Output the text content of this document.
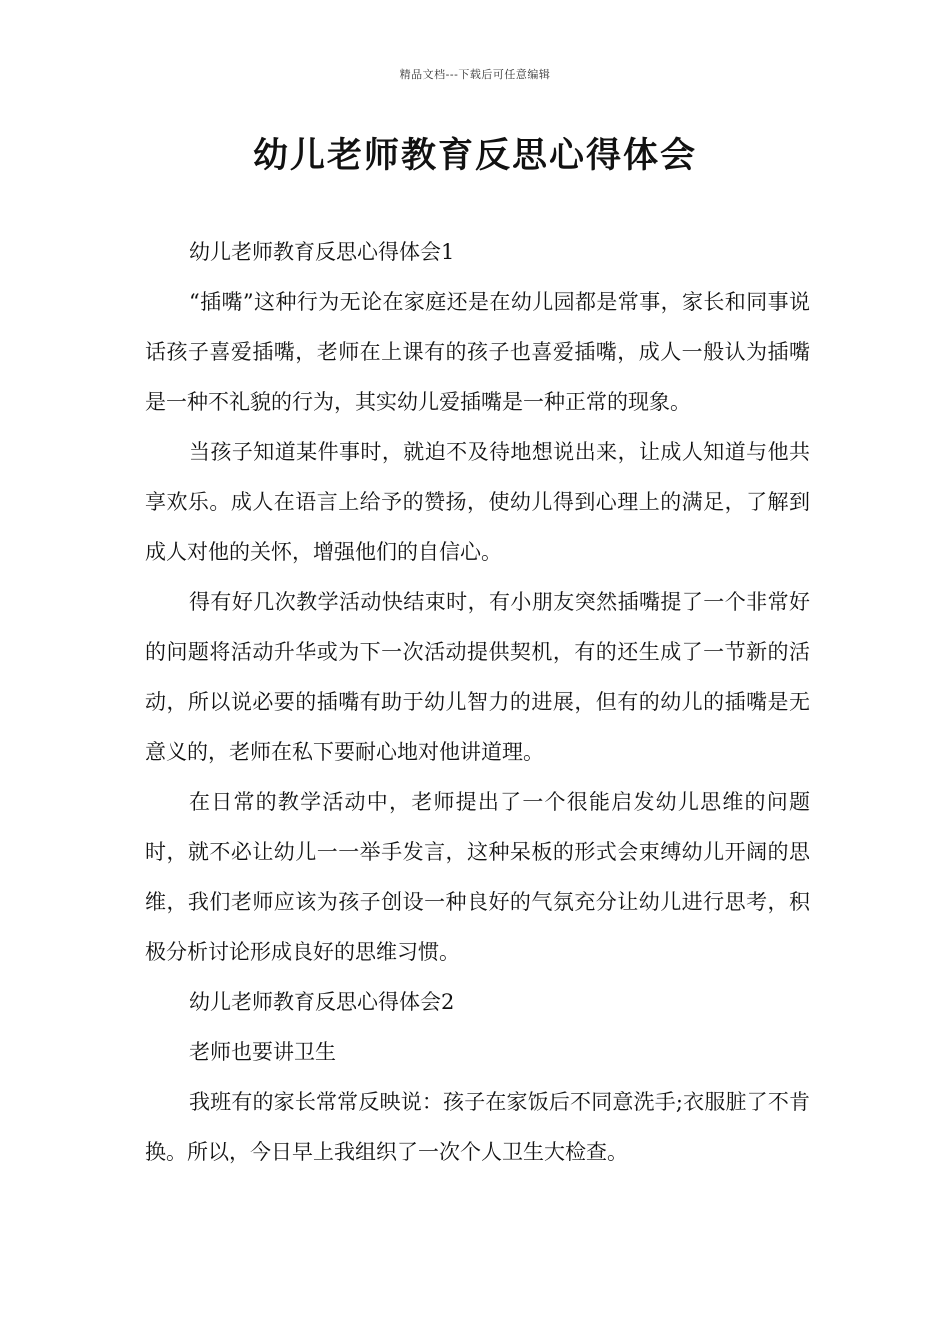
精品文档---下载后可任意编辑
幼儿老师教育反思心得体会

幼儿老师教育反思心得体会1

“插嘴”这种行为无论在家庭还是在幼儿园都是常事，家长和同事说话孩子喜爱插嘴，老师在上课有的孩子也喜爱插嘴，成人一般认为插嘴是一种不礼貌的行为，其实幼儿爱插嘴是一种正常的现象。

当孩子知道某件事时，就迫不及待地想说出来，让成人知道与他共享欢乐。成人在语言上给予的赞扬，使幼儿得到心理上的满足，了解到成人对他的关怀，增强他们的自信心。

得有好几次教学活动快结束时，有小朋友突然插嘴提了一个非常好的问题将活动升华或为下一次活动提供契机，有的还生成了一节新的活动，所以说必要的插嘴有助于幼儿智力的进展，但有的幼儿的插嘴是无意义的，老师在私下要耐心地对他讲道理。

在日常的教学活动中，老师提出了一个很能启发幼儿思维的问题时，就不必让幼儿一一举手发言，这种呆板的形式会束缚幼儿开阔的思维，我们老师应该为孩子创设一种良好的气氛充分让幼儿进行思考，积极分析讨论形成良好的思维习惯。

幼儿老师教育反思心得体会2

老师也要讲卫生

我班有的家长常常反映说：孩子在家饭后不同意洗手;衣服脏了不肯换。所以，今日早上我组织了一次个人卫生大检查。
